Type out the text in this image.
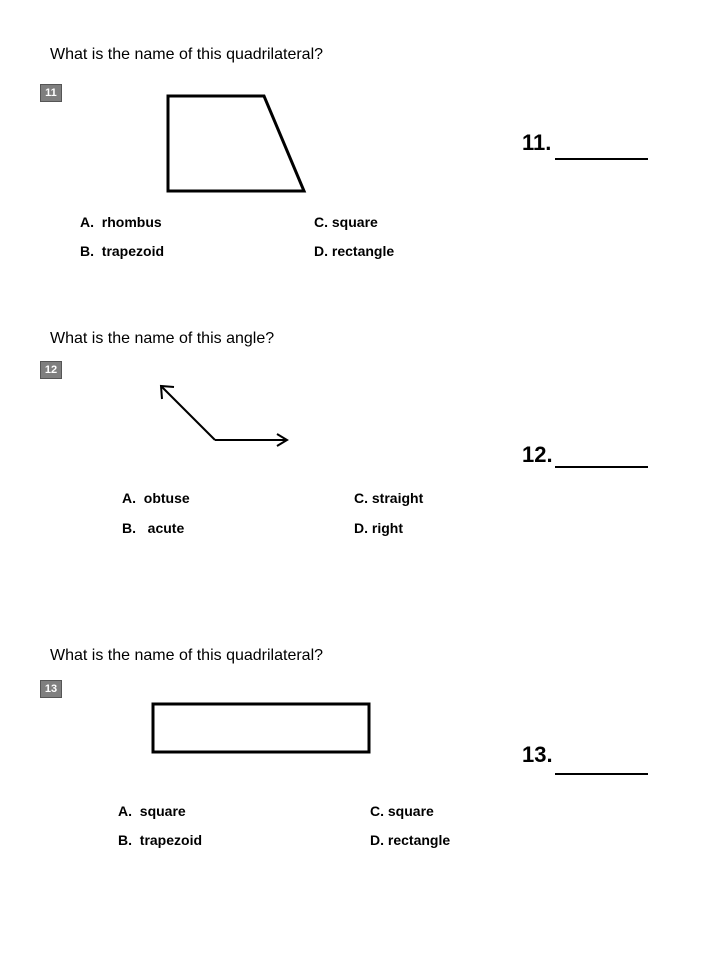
What is the name of this quadrilateral?
11
11.
A.  rhombus
B.  trapezoid
C. square
D. rectangle
What is the name of this angle?
12
12.
A.  obtuse
B.   acute
C. straight
D. right
What is the name of this quadrilateral?
13
13.
A.  square
B.  trapezoid
C. square
D. rectangle
